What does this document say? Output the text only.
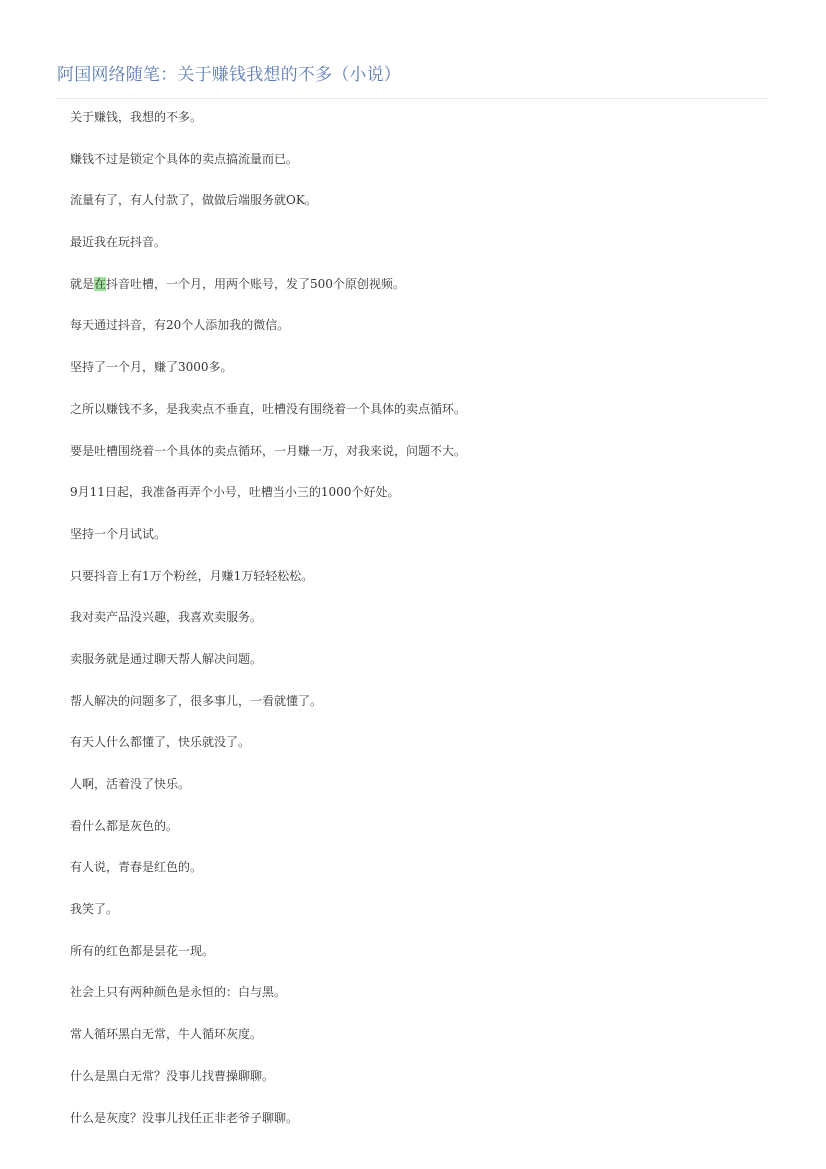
阿国网络随笔：关于赚钱我想的不多（小说）
关于赚钱，我想的不多。
赚钱不过是锁定个具体的卖点搞流量而已。
流量有了，有人付款了，做做后端服务就OK。
最近我在玩抖音。
就是在抖音吐槽，一个月，用两个账号，发了500个原创视频。
每天通过抖音，有20个人添加我的微信。
坚持了一个月，赚了3000多。
之所以赚钱不多，是我卖点不垂直，吐槽没有围绕着一个具体的卖点循环。
要是吐槽围绕着一个具体的卖点循环，一月赚一万，对我来说，问题不大。
9月11日起，我准备再弄个小号，吐槽当小三的1000个好处。
坚持一个月试试。
只要抖音上有1万个粉丝，月赚1万轻轻松松。
我对卖产品没兴趣，我喜欢卖服务。
卖服务就是通过聊天帮人解决问题。
帮人解决的问题多了，很多事儿，一看就懂了。
有天人什么都懂了，快乐就没了。
人啊，活着没了快乐。
看什么都是灰色的。
有人说，青春是红色的。
我笑了。
所有的红色都是昙花一现。
社会上只有两种颜色是永恒的：白与黑。
常人循环黑白无常，牛人循环灰度。
什么是黑白无常？没事儿找曹操聊聊。
什么是灰度？没事儿找任正非老爷子聊聊。
